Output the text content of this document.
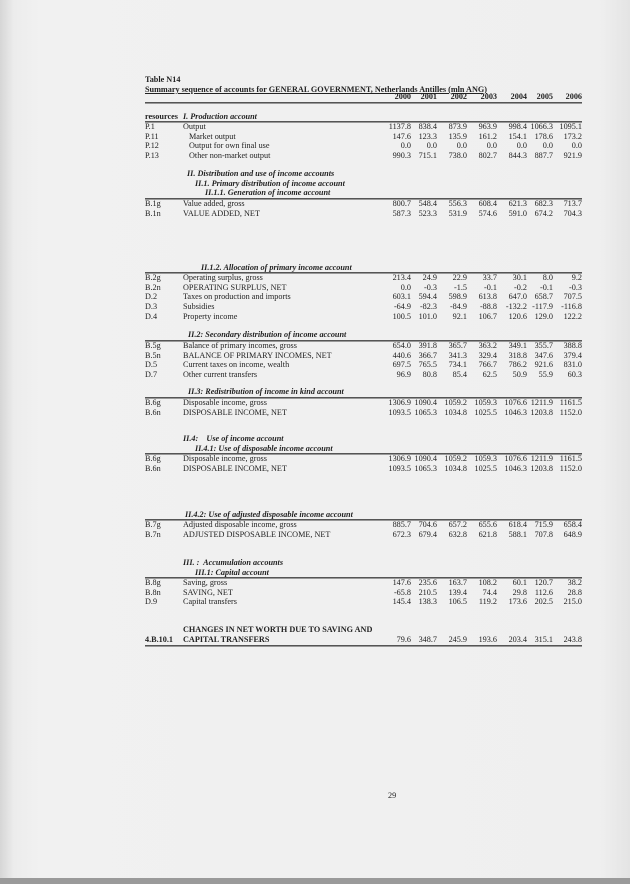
Table N14
Summary sequence of accounts for GENERAL GOVERNMENT, Netherlands Antilles (mln ANG)
2000	2001	2002	2003	2004	2005	2006
resources I. Production account
P.1	Output	1137.8 838.4	873.9	963.9	998.4 1066.3 1095.1
P.11	Market output	147.6 123.3	135.9	161.2	154.1 178.6	173.2
P.12	Output for own final use	0.0	0.0	0.0	0.0	0.0	0.0	0.0
P.13	Other non-market output	990.3 715.1	738.0	802.7	844.3 887.7	921.9
II. Distribution and use of income accounts
II.1. Primary distribution of income account
II.1.1. Generation of income account
B.1g	Value added, gross	800.7 548.4	556.3	608.4	621.3 682.3	713.7
B.1n	VALUE ADDED, NET	587.3 523.3	531.9	574.6	591.0 674.2	704.3
II.1.2. Allocation of primary income account
B.2g	Operating surplus, gross	213.4	24.9	22.9	33.7	30.1	8.0	9.2
B.2n	OPERATING SURPLUS, NET	0.0	-0.3	-1.5	-0.1	-0.2	-0.1	-0.3
D.2	Taxes on production and imports	603.1 594.4	598.9	613.8	647.0 658.7	707.5
D.3	Subsidies	-64.9	-82.3	-84.9	-88.8	-132.2 -117.9 -116.8
D.4	Property income	100.5 101.0	92.1	106.7	120.6 129.0	122.2
II.2: Secondary distribution of income account
B.5g	Balance of primary incomes, gross	654.0 391.8	365.7	363.2	349.1 355.7	388.8
B.5n	BALANCE OF PRIMARY INCOMES, NET	440.6 366.7	341.3	329.4	318.8 347.6	379.4
D.5	Current taxes on income, wealth	697.5 765.5	734.1	766.7	786.2 921.6	831.0
D.7	Other current transfers	96.9	80.8	85.4	62.5	50.9	55.9	60.3
II.3: Redistribution of income in kind account
B.6g	Disposable income, gross	1306.9 1090.4 1059.2 1059.3 1076.6 1211.9 1161.5
B.6n	DISPOSABLE INCOME, NET	1093.5 1065.3 1034.8 1025.5 1046.3 1203.8 1152.0
II.4:    Use of income account
II.4.1: Use of disposable income account
B.6g	Disposable income, gross	1306.9 1090.4 1059.2 1059.3 1076.6 1211.9 1161.5
B.6n	DISPOSABLE INCOME, NET	1093.5 1065.3 1034.8 1025.5 1046.3 1203.8 1152.0
II.4.2: Use of adjusted disposable income account
B.7g	Adjusted disposable income, gross	885.7 704.6	657.2	655.6	618.4 715.9	658.4
B.7n	ADJUSTED DISPOSABLE INCOME, NET	672.3 679.4	632.8	621.8	588.1 707.8	648.9
III. :  Accumulation accounts
III.1: Capital account
B.8g	Saving, gross	147.6 235.6	163.7	108.2	60.1 120.7	38.2
B.8n	SAVING, NET	-65.8 210.5	139.4	74.4	29.8 112.6	28.8
D.9	Capital transfers	145.4 138.3	106.5	119.2	173.6 202.5	215.0
CHANGES IN NET WORTH DUE TO SAVING AND
CAPITAL TRANSFERS
4.B.10.1	79.6 348.7	245.9	193.6	203.4 315.1	243.8
29
